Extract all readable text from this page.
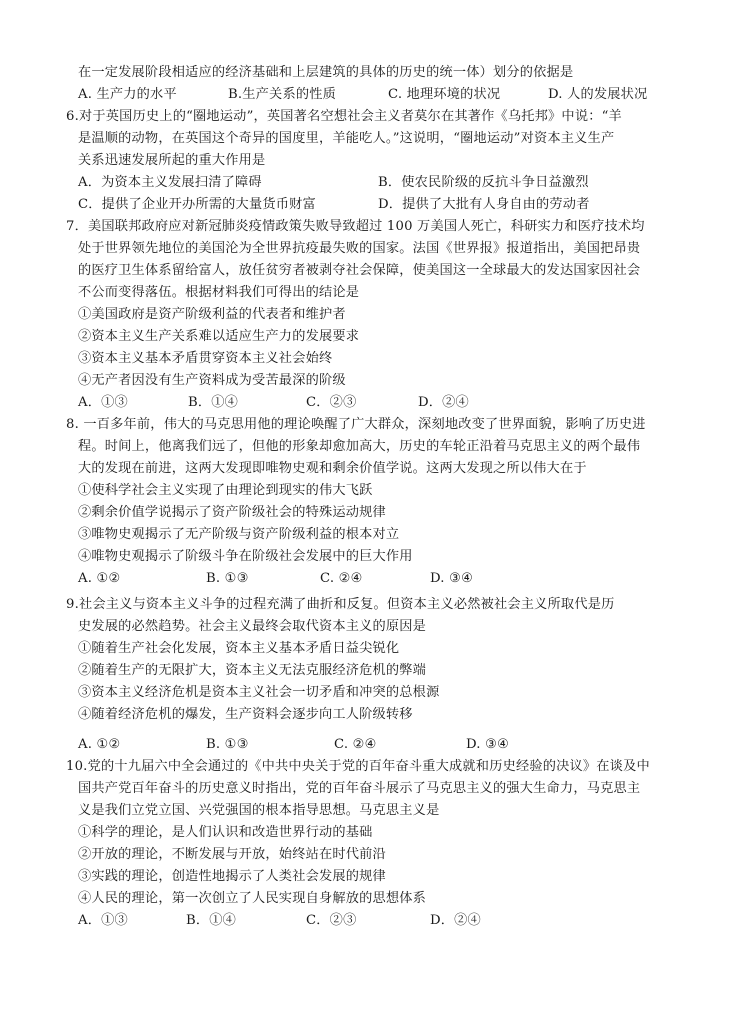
在一定发展阶段相适应的经济基础和上层建筑的具体的历史的统一体）划分的依据是
A. 生产力的水平	B.生产关系的性质	C. 地理环境的状况	D. 人的发展状况
6.对于英国历史上的“圈地运动”，英国著名空想社会主义者莫尔在其著作《乌托邦》中说：“羊
是温顺的动物，在英国这个奇异的国度里，羊能吃人。”这说明，“圈地运动”对资本主义生产
关系迅速发展所起的重大作用是
A．为资本主义发展扫清了障碍	B．使农民阶级的反抗斗争日益激烈
C．提供了企业开办所需的大量货币财富	D．提供了大批有人身自由的劳动者
7．美国联邦政府应对新冠肺炎疫情政策失败导致超过 100 万美国人死亡，科研实力和医疗技术均
处于世界领先地位的美国沦为全世界抗疫最失败的国家。法国《世界报》报道指出，美国把昂贵
的医疗卫生体系留给富人，放任贫穷者被剥夺社会保障，使美国这一全球最大的发达国家因社会
不公而变得落伍。根据材料我们可得出的结论是
①美国政府是资产阶级利益的代表者和维护者
②资本主义生产关系难以适应生产力的发展要求
③资本主义基本矛盾贯穿资本主义社会始终
④无产者因没有生产资料成为受苦最深的阶级
A．①③	B．①④	C．②③	D．②④
8. 一百多年前，伟大的马克思用他的理论唤醒了广大群众，深刻地改变了世界面貌，影响了历史进
程。时间上，他离我们远了，但他的形象却愈加高大，历史的车轮正沿着马克思主义的两个最伟
大的发现在前进，这两大发现即唯物史观和剩余价值学说。这两大发现之所以伟大在于
①使科学社会主义实现了由理论到现实的伟大飞跃
②剩余价值学说揭示了资产阶级社会的特殊运动规律
③唯物史观揭示了无产阶级与资产阶级利益的根本对立
④唯物史观揭示了阶级斗争在阶级社会发展中的巨大作用
A. ①②	B. ①③	C. ②④	D. ③④
9.社会主义与资本主义斗争的过程充满了曲折和反复。但资本主义必然被社会主义所取代是历
史发展的必然趋势。社会主义最终会取代资本主义的原因是
①随着生产社会化发展，资本主义基本矛盾日益尖锐化
②随着生产的无限扩大，资本主义无法克服经济危机的弊端
③资本主义经济危机是资本主义社会一切矛盾和冲突的总根源
④随着经济危机的爆发，生产资料会逐步向工人阶级转移
A. ①②	B. ①③	C. ②④	D. ③④
10.党的十九届六中全会通过的《中共中央关于党的百年奋斗重大成就和历史经验的决议》在谈及中
国共产党百年奋斗的历史意义时指出，党的百年奋斗展示了马克思主义的强大生命力，马克思主
义是我们立党立国、兴党强国的根本指导思想。马克思主义是
①科学的理论，是人们认识和改造世界行动的基础
②开放的理论，不断发展与开放，始终站在时代前沿
③实践的理论，创造性地揭示了人类社会发展的规律
④人民的理论，第一次创立了人民实现自身解放的思想体系
A．①③	B．①④	C．②③	D．②④
